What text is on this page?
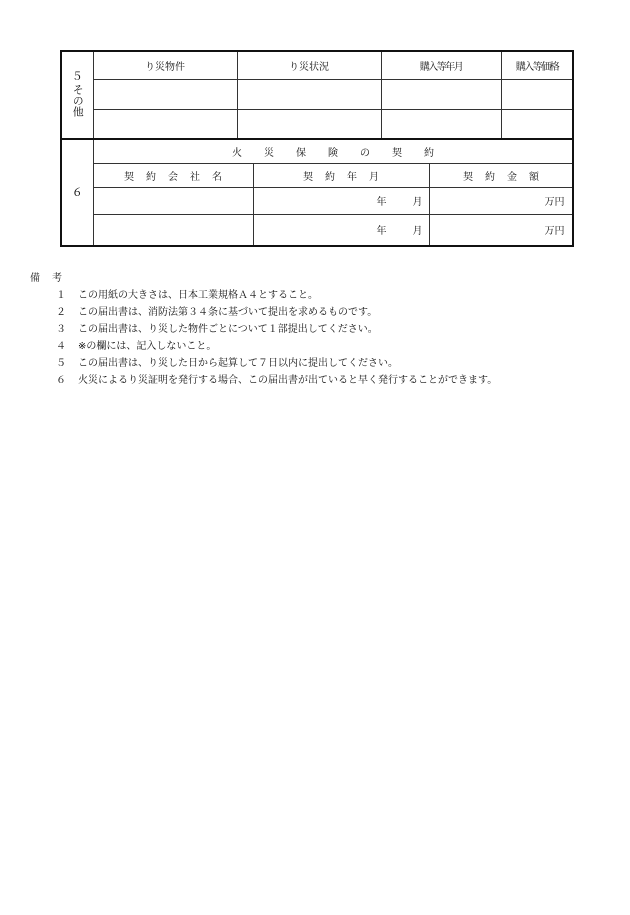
５
その他	り災物件	り災状況		購入等年月		購入等価格	

６	火災保険の契約						
	契約会社名		契約年月		契約金額		
			年 月		万円		
			年 月		万円		
備考
１	この用紙の大きさは、日本工業規格Ａ４とすること。
２	この届出書は、消防法第３４条に基づいて提出を求めるものです。
３	この届出書は、り災した物件ごとについて１部提出してください。
４	※の欄には、記入しないこと。
５	この届出書は、り災した日から起算して７日以内に提出してください。
６	火災によるり災証明を発行する場合、この届出書が出ていると早く発行することができます。
